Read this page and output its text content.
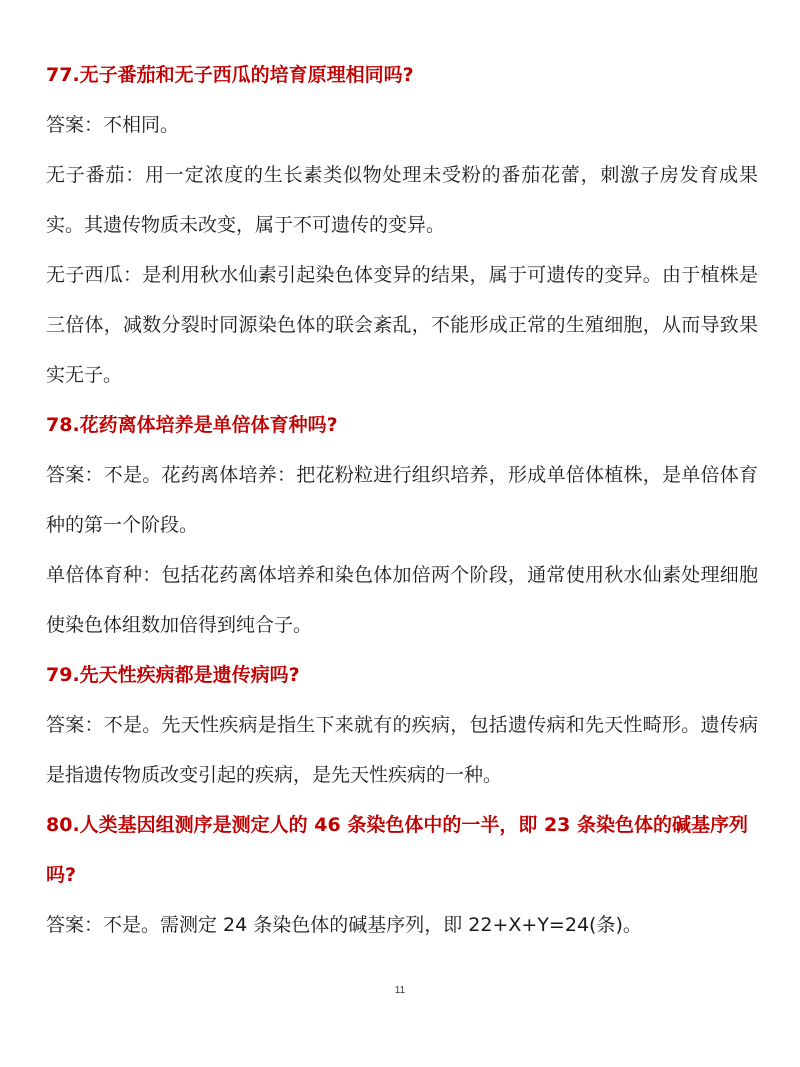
77.无子番茄和无子西瓜的培育原理相同吗?

答案：不相同。

无子番茄：用一定浓度的生长素类似物处理未受粉的番茄花蕾，刺激子房发育成果实。其遗传物质未改变，属于不可遗传的变异。

无子西瓜：是利用秋水仙素引起染色体变异的结果，属于可遗传的变异。由于植株是三倍体，减数分裂时同源染色体的联会紊乱，不能形成正常的生殖细胞，从而导致果实无子。

78.花药离体培养是单倍体育种吗?

答案：不是。花药离体培养：把花粉粒进行组织培养，形成单倍体植株，是单倍体育种的第一个阶段。

单倍体育种：包括花药离体培养和染色体加倍两个阶段，通常使用秋水仙素处理细胞使染色体组数加倍得到纯合子。

79.先天性疾病都是遗传病吗?

答案：不是。先天性疾病是指生下来就有的疾病，包括遗传病和先天性畸形。遗传病是指遗传物质改变引起的疾病，是先天性疾病的一种。

80.人类基因组测序是测定人的 46 条染色体中的一半，即 23 条染色体的碱基序列吗?

答案：不是。需测定 24 条染色体的碱基序列，即 22+X+Y=24(条)。

11
